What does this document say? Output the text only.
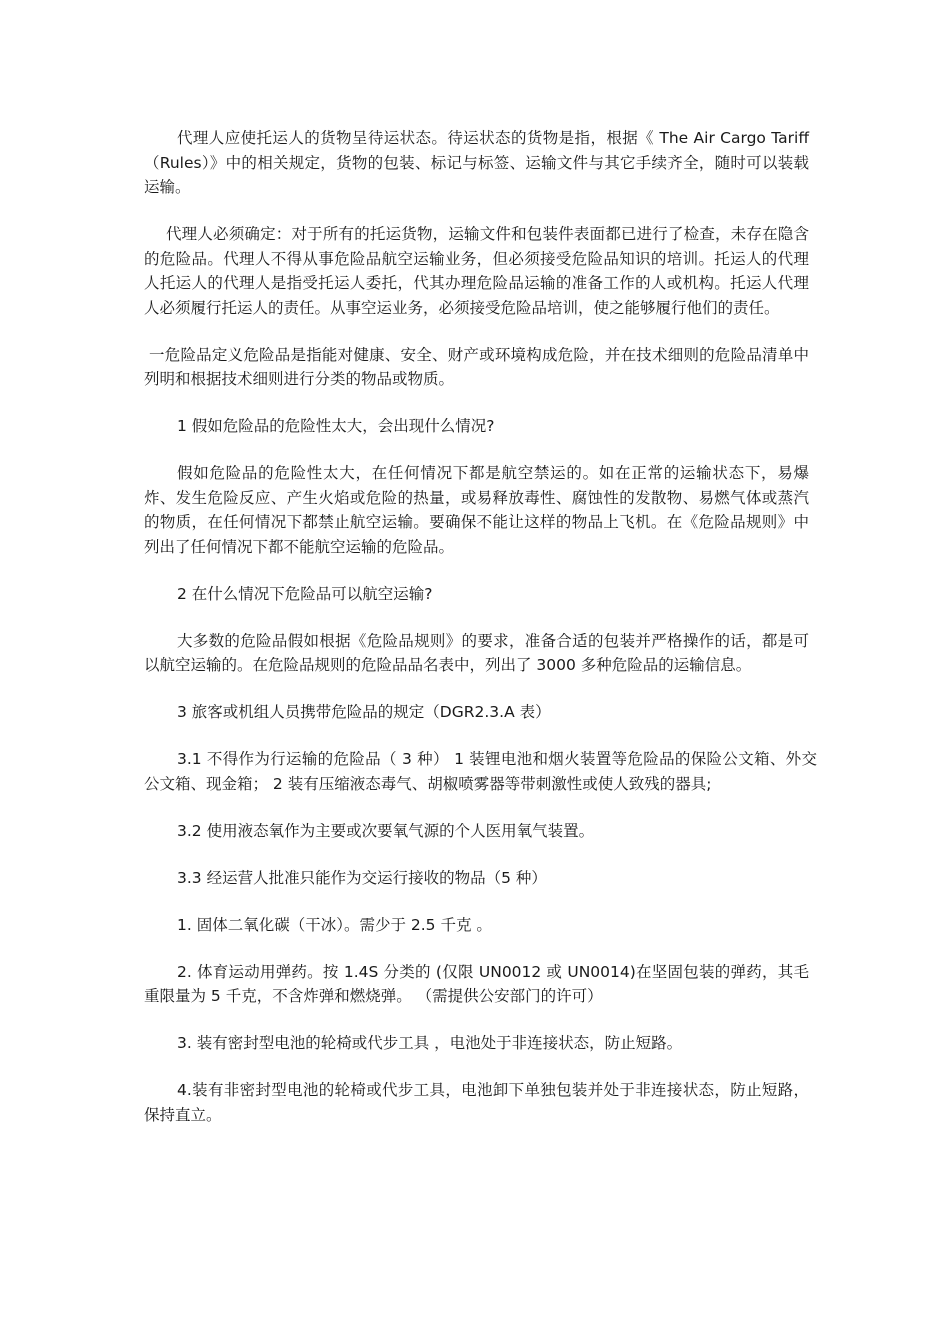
代理人应使托运人的货物呈待运状态。待运状态的货物是指，根据《 The Air Cargo Tariff（Rules）》中的相关规定，货物的包装、标记与标签、运输文件与其它手续齐全，随时可以装载运输。

代理人必须确定：对于所有的托运货物，运输文件和包装件表面都已进行了检查，未存在隐含的危险品。代理人不得从事危险品航空运输业务，但必须接受危险品知识的培训。托运人的代理人托运人的代理人是指受托运人委托，代其办理危险品运输的准备工作的人或机构。托运人代理人必须履行托运人的责任。从事空运业务，必须接受危险品培训，使之能够履行他们的责任。

一危险品定义危险品是指能对健康、安全、财产或环境构成危险，并在技术细则的危险品清单中列明和根据技术细则进行分类的物品或物质。

1 假如危险品的危险性太大，会出现什么情况?

假如危险品的危险性太大，在任何情况下都是航空禁运的。如在正常的运输状态下，易爆炸、发生危险反应、产生火焰或危险的热量，或易释放毒性、腐蚀性的发散物、易燃气体或蒸汽的物质，在任何情况下都禁止航空运输。要确保不能让这样的物品上飞机。在《危险品规则》中列出了任何情况下都不能航空运输的危险品。

2 在什么情况下危险品可以航空运输?

大多数的危险品假如根据《危险品规则》的要求，准备合适的包装并严格操作的话，都是可以航空运输的。在危险品规则的危险品品名表中，列出了 3000 多种危险品的运输信息。

3 旅客或机组人员携带危险品的规定（DGR2.3.A 表）

3.1 不得作为行运输的危险品（ 3 种） 1 装锂电池和烟火装置等危险品的保险公文箱、外交公文箱、现金箱； 2 装有压缩液态毒气、胡椒喷雾器等带刺激性或使人致残的器具;

3.2 使用液态氧作为主要或次要氧气源的个人医用氧气装置。

3.3 经运营人批准只能作为交运行接收的物品（5 种）

1. 固体二氧化碳（干冰）。需少于 2.5 千克 。

2. 体育运动用弹药。按 1.4S 分类的 (仅限 UN0012 或 UN0014)在坚固包装的弹药，其毛重限量为 5 千克，不含炸弹和燃烧弹。 （需提供公安部门的许可）

3. 装有密封型电池的轮椅或代步工具 ，电池处于非连接状态，防止短路。

4.装有非密封型电池的轮椅或代步工具，电池卸下单独包装并处于非连接状态，防止短路，保持直立。
